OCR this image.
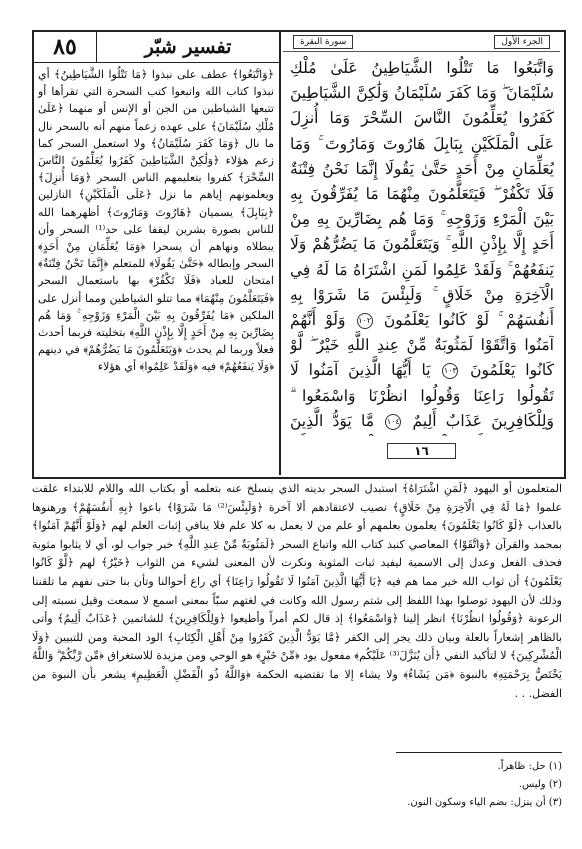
٨٥	تفسير شبّر	الجزء الأول
سورة البقرة
وَاتَّبَعُوا مَا تَتْلُوا الشَّيَاطِينُ عَلَىٰ مُلْكِ سُلَيْمَانَ ۖ وَمَا كَفَرَ سُلَيْمَانُ وَلَٰكِنَّ الشَّيَاطِينَ كَفَرُوا يُعَلِّمُونَ النَّاسَ السِّحْرَ وَمَا أُنزِلَ عَلَى الْمَلَكَيْنِ بِبَابِلَ هَارُوتَ وَمَارُوتَ ۚ وَمَا يُعَلِّمَانِ مِنْ أَحَدٍ حَتَّىٰ يَقُولَا إِنَّمَا نَحْنُ فِتْنَةٌ فَلَا تَكْفُرْ ۖ فَيَتَعَلَّمُونَ مِنْهُمَا مَا يُفَرِّقُونَ بِهِ بَيْنَ الْمَرْءِ وَزَوْجِهِ ۚ وَمَا هُم بِضَارِّينَ بِهِ مِنْ أَحَدٍ إِلَّا بِإِذْنِ اللَّهِ ۚ وَيَتَعَلَّمُونَ مَا يَضُرُّهُمْ وَلَا يَنفَعُهُمْ ۚ وَلَقَدْ عَلِمُوا لَمَنِ اشْتَرَاهُ مَا لَهُ فِي الْآخِرَةِ مِنْ خَلَاقٍ ۚ وَلَبِئْسَ مَا شَرَوْا بِهِ أَنفُسَهُمْ ۚ لَوْ كَانُوا يَعْلَمُونَ ١٠٢ وَلَوْ أَنَّهُمْ آمَنُوا وَاتَّقَوْا لَمَثُوبَةٌ مِّنْ عِندِ اللَّهِ خَيْرٌ ۖ لَّوْ كَانُوا يَعْلَمُونَ ١٠٣ يَا أَيُّهَا الَّذِينَ آمَنُوا لَا تَقُولُوا رَاعِنَا وَقُولُوا انظُرْنَا وَاسْمَعُوا ۗ وَلِلْكَافِرِينَ عَذَابٌ أَلِيمٌ ١٠٤ مَّا يَوَدُّ الَّذِينَ
١٦

﴿وَاتَّبَعُوا﴾ عطف على نبذوا ﴿مَا تَتْلُوا الشَّيَاطِينُ﴾ أي نبذوا كتاب الله واتبعوا كتب السحرة التي تقرأها أو تتبعها الشياطين من الجن أو الإنس أو منهما ﴿عَلَىٰ مُلْكِ سُلَيْمَانَ﴾ على عهده زعماً منهم أنه بالسحر نال ما نال ﴿وَمَا كَفَرَ سُلَيْمَانُ﴾ ولا استعمل السحر كما زعم هؤلاء ﴿وَلَٰكِنَّ الشَّيَاطِينَ كَفَرُوا يُعَلِّمُونَ النَّاسَ السِّحْرَ﴾ كفروا بتعليمهم الناس السحر ﴿وَمَا أُنزِلَ﴾ ويعلمونهم إياهم ما نزل ﴿عَلَى الْمَلَكَيْنِ﴾ النازلين ﴿بِبَابِلَ﴾ يسميان ﴿هَارُوتَ وَمَارُوتَ﴾ أظهرهما الله للناس بصورة بشرين ليقفا على حد⁽¹⁾ السحر وأن يبطلاه ونهاهم أن يسحرا ﴿وَمَا يُعَلِّمَانِ مِنْ أَحَدٍ﴾ السحر وإبطاله ﴿حَتَّىٰ يَقُولَا﴾ للمتعلم ﴿إِنَّمَا نَحْنُ فِتْنَةٌ﴾ امتحان للعباد ﴿فَلَا تَكْفُرْ﴾ بها باستعمال السحر ﴿فَيَتَعَلَّمُونَ مِنْهُمَا﴾ مما تتلو الشياطين ومما أنزل على الملكين ﴿مَا يُفَرِّقُونَ بِهِ بَيْنَ الْمَرْءِ وَزَوْجِهِ ۚ وَمَا هُم بِضَارِّينَ بِهِ مِنْ أَحَدٍ إِلَّا بِإِذْنِ اللَّهِ﴾ بتخليته فربما أحدث فعلاً وربما لم يحدث ﴿وَيَتَعَلَّمُونَ مَا يَضُرُّهُمْ﴾ في دينهم ﴿وَلَا يَنفَعُهُمْ﴾ فيه ﴿وَلَقَدْ عَلِمُوا﴾ أي هؤلاء

المتعلمون أو اليهود ﴿لَمَنِ اشْتَرَاهُ﴾ استبدل السحر بدينه الذي ينسلخ عنه بتعلمه أو بكتاب الله واللام للابتداء علقت علموا ﴿مَا لَهُ فِي الْآخِرَةِ مِنْ خَلَاقٍ﴾ نصيب لاعتقادهم ألا آخرة ﴿وَلَبِئْسَ⁽²⁾ مَا شَرَوْا﴾ باعوا ﴿بِهِ أَنفُسَهُمْ﴾ ورهنوها بالعذاب ﴿لَوْ كَانُوا يَعْلَمُونَ﴾ يعلمون بعلمهم أو علم من لا يعمل به كلا علم فلا ينافي إثبات العلم لهم ﴿وَلَوْ أَنَّهُمْ آمَنُوا﴾ بمحمد والقرآن ﴿وَاتَّقَوْا﴾ المعاصي كنبذ كتاب الله واتباع السحر ﴿لَمَثُوبَةٌ مِّنْ عِندِ اللَّهِ﴾ خبر جواب لو، أي لا يثابوا مثوبة فحذف الفعل وعدل إلى الاسمية ليفيد ثبات المثوبة ونكرت لأن المعنى لشيء من الثواب ﴿خَيْرٌ﴾ لهم ﴿لَّوْ كَانُوا يَعْلَمُونَ﴾ أن ثواب الله خير مما هم فيه ﴿يَا أَيُّهَا الَّذِينَ آمَنُوا لَا تَقُولُوا رَاعِنَا﴾ أي راع أحوالنا وتأن بنا حتى نفهم ما تلقننا وذلك لأن اليهود توصلوا بهذا اللفظ إلى شتم رسول الله وكانت في لغتهم سبّاً بمعنى اسمع لا سمعت وقيل نسبته إلى الرعونة ﴿وَقُولُوا انظُرْنَا﴾ انظر إلينا ﴿وَاسْمَعُوا﴾ إذ قال لكم أمراً وأطيعوا ﴿وَلِلْكَافِرِينَ﴾ للشاتمين ﴿عَذَابٌ أَلِيمٌ﴾ وأتى بالظاهر إشعاراً بالعلة وبيان ذلك يجر إلى الكفر ﴿مَّا يَوَدُّ الَّذِينَ كَفَرُوا مِنْ أَهْلِ الْكِتَابِ﴾ الود المحبة ومن للتبيين ﴿وَلَا الْمُشْرِكِينَ﴾ لا لتأكيد النفي ﴿أَن يُنَزَّلَ⁽³⁾ عَلَيْكُم﴾ مفعول يود ﴿مِّنْ خَيْرٍ﴾ هو الوحي ومن مزيدة للاستغراق ﴿مِّن رَّبِّكُمْ ۗ وَاللَّهُ يَخْتَصُّ بِرَحْمَتِهِ﴾ بالنبوة ﴿مَن يَشَاءُ﴾ ولا يشاء إلا ما تقتضيه الحكمة ﴿وَاللَّهُ ذُو الْفَضْلِ الْعَظِيمِ﴾ يشعر بأن النبوة من الفضل. . .

(١) حل: ظاهراً.
(٢) وليس.
(٣) أن ينزل: بضم الياء وسكون النون.
